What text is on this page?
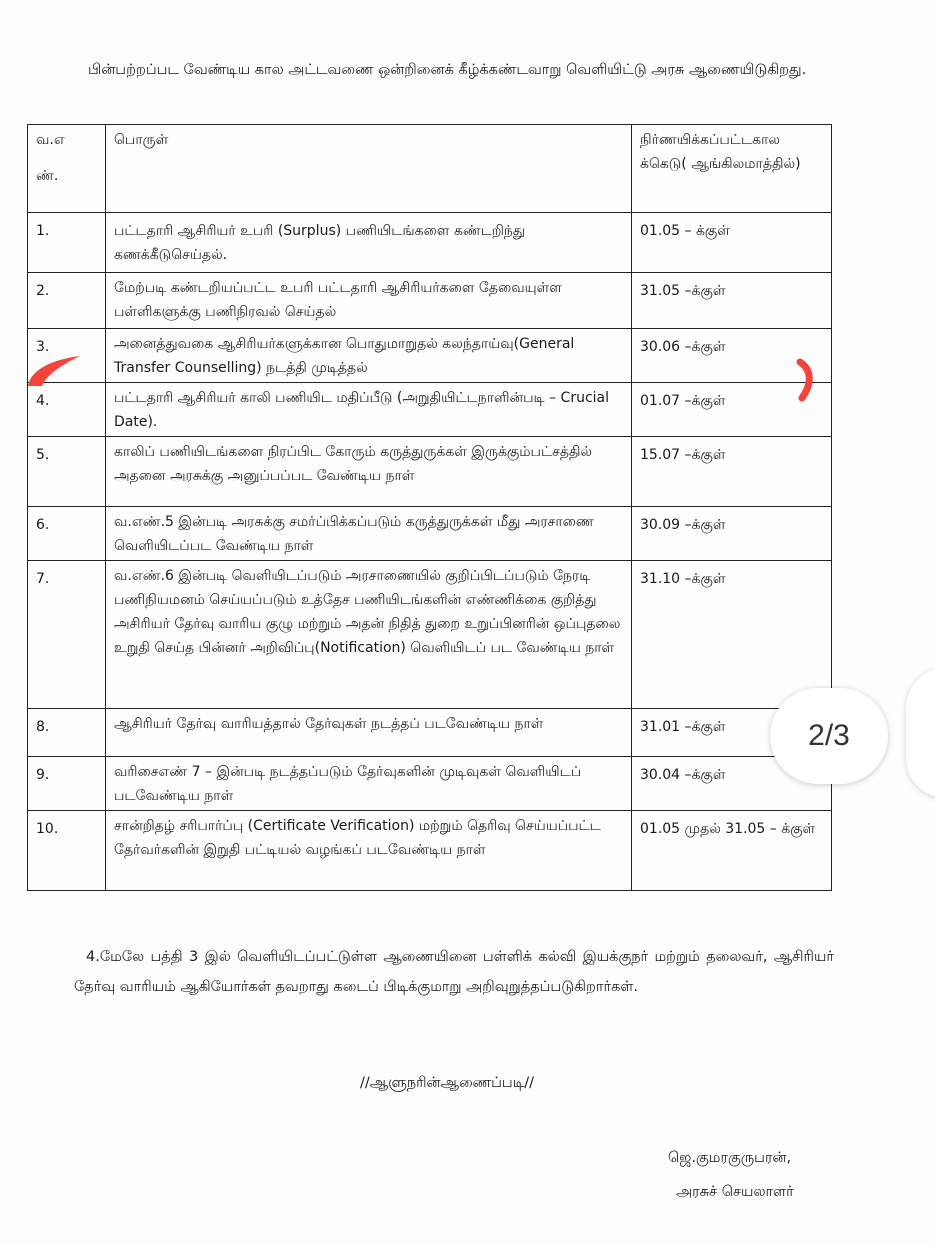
பின்பற்றப்பட வேண்டிய கால அட்டவணை ஒன்றினைக் கீழ்க்கண்டவாறு வெளியிட்டு அரசு ஆணையிடுகிறது.

வ.எ
ண்.	பொருள்	நிர்ணயிக்கப்பட்டகால க்கெடு( ஆங்கிலமாத்தில்)
1.	பட்டதாரி ஆசிரியர் உபரி (Surplus) பணியிடங்களை கண்டறிந்து கணக்கீடுசெய்தல்.	01.05 – க்குள்
2.	மேற்படி கண்டறியப்பட்ட உபரி பட்டதாரி ஆசிரியர்களை தேவையுள்ள பள்ளிகளுக்கு பணிநிரவல் செய்தல்	31.05 –க்குள்
3.	அனைத்துவகை ஆசிரியர்களுக்கான பொதுமாறுதல் கலந்தாய்வு(General Transfer Counselling) நடத்தி முடித்தல்	30.06 –க்குள்
4.	பட்டதாரி ஆசிரியர் காலி பணியிட மதிப்பீடு (அறுதியிட்டநாளின்படி – Crucial Date).	01.07 –க்குள்
5.	காலிப் பணியிடங்களை நிரப்பிட கோரும் கருத்துருக்கள் இருக்கும்பட்சத்தில் அதனை அரசுக்கு அனுப்பப்பட வேண்டிய நாள்	15.07 –க்குள்
6.	வ.எண்.5 இன்படி அரசுக்கு சமர்ப்பிக்கப்படும் கருத்துருக்கள் மீது அரசாணை வெளியிடப்பட வேண்டிய நாள்	30.09 –க்குள்
7.	வ.எண்.6 இன்படி வெளியிடப்படும் அரசாணையில் குறிப்பிடப்படும் நேரடி பணிநியமனம் செய்யப்படும் உத்தேச பணியிடங்களின் எண்ணிக்கை குறித்து அசிரியர் தேர்வு வாரிய குழு மற்றும் அதன் நிதித் துறை உறுப்பினரின் ஒப்புதலை உறுதி செய்த பின்னர் அறிவிப்பு(Notification) வெளியிடப் பட வேண்டிய நாள்	31.10 –க்குள்
8.	ஆசிரியர் தேர்வு வாரியத்தால் தேர்வுகள் நடத்தப் படவேண்டிய நாள்	31.01 –க்குள்
9.	வரிசைஎண் 7 – இன்படி நடத்தப்படும் தேர்வுகளின் முடிவுகள் வெளியிடப் படவேண்டிய நாள்	30.04 –க்குள்
10.	சான்றிதழ் சரிபார்ப்பு (Certificate Verification) மற்றும் தெரிவு செய்யப்பட்ட தேர்வர்களின் இறுதி பட்டியல் வழங்கப் படவேண்டிய நாள்	01.05 முதல் 31.05 – க்குள்

4.மேலே பத்தி 3 இல் வெளியிடப்பட்டுள்ள ஆணையினை பள்ளிக் கல்வி இயக்குநர் மற்றும் தலைவர், ஆசிரியர் தேர்வு வாரியம் ஆகியோர்கள் தவறாது கடைப் பிடிக்குமாறு அறிவுறுத்தப்படுகிறார்கள்.

//ஆளுநரின்ஆணைப்படி//
ஜெ.குமரகுருபரன்,
அரசுச் செயலாளர்
2/3
